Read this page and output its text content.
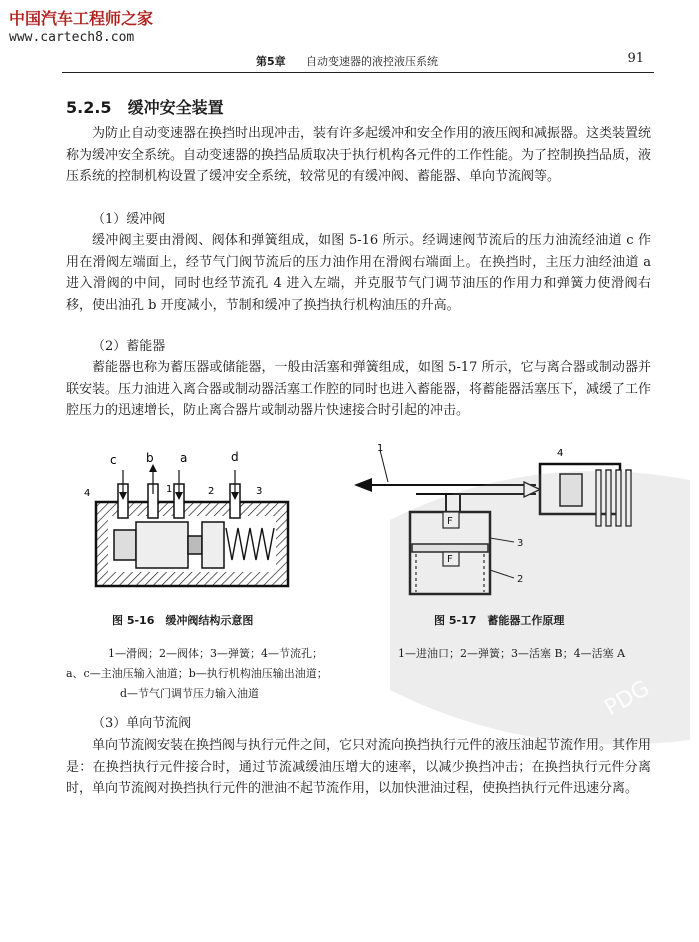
中国汽车工程师之家
www.cartech8.com
第5章 自动变速器的液控液压系统	91
5.2.5 缓冲安全装置
为防止自动变速器在换挡时出现冲击，装有许多起缓冲和安全作用的液压阀和减振器。这类装置统称为缓冲安全系统。自动变速器的换挡品质取决于执行机构各元件的工作性能。为了控制换挡品质，液压系统的控制机构设置了缓冲安全系统，较常见的有缓冲阀、蓄能器、单向节流阀等。
（1）缓冲阀
缓冲阀主要由滑阀、阀体和弹簧组成，如图 5-16 所示。经调速阀节流后的压力油流经油道 c 作用在滑阀左端面上，经节气门阀节流后的压力油作用在滑阀右端面上。在换挡时，主压力油经油道 a 进入滑阀的中间，同时也经节流孔 4 进入左端，并克服节气门调节油压的作用力和弹簧力使滑阀右移，使出油孔 b 开度减小，节制和缓冲了换挡执行机构油压的升高。
（2）蓄能器
蓄能器也称为蓄压器或储能器，一般由活塞和弹簧组成，如图 5-17 所示，它与离合器或制动器并联安装。压力油进入离合器或制动器活塞工作腔的同时也进入蓄能器，将蓄能器活塞压下，减缓了工作腔压力的迅速增长，防止离合器片或制动器片快速接合时引起的冲击。
c b a	d
4	1	2	3
F
F
1
3
2
4
PDG
图 5-16　缓冲阀结构示意图	图 5-17　蓄能器工作原理
1—滑阀；2—阀体；3—弹簧；4—节流孔；
a、c—主油压输入油道；b—执行机构油压输出油道；
d—节气门调节压力输入油道
1—进油口；2—弹簧；3—活塞 B；4—活塞 A
（3）单向节流阀
单向节流阀安装在换挡阀与执行元件之间，它只对流向换挡执行元件的液压油起节流作用。其作用是：在换挡执行元件接合时，通过节流减缓油压增大的速率，以减少换挡冲击；在换挡执行元件分离时，单向节流阀对换挡执行元件的泄油不起节流作用，以加快泄油过程，使换挡执行元件迅速分离。
